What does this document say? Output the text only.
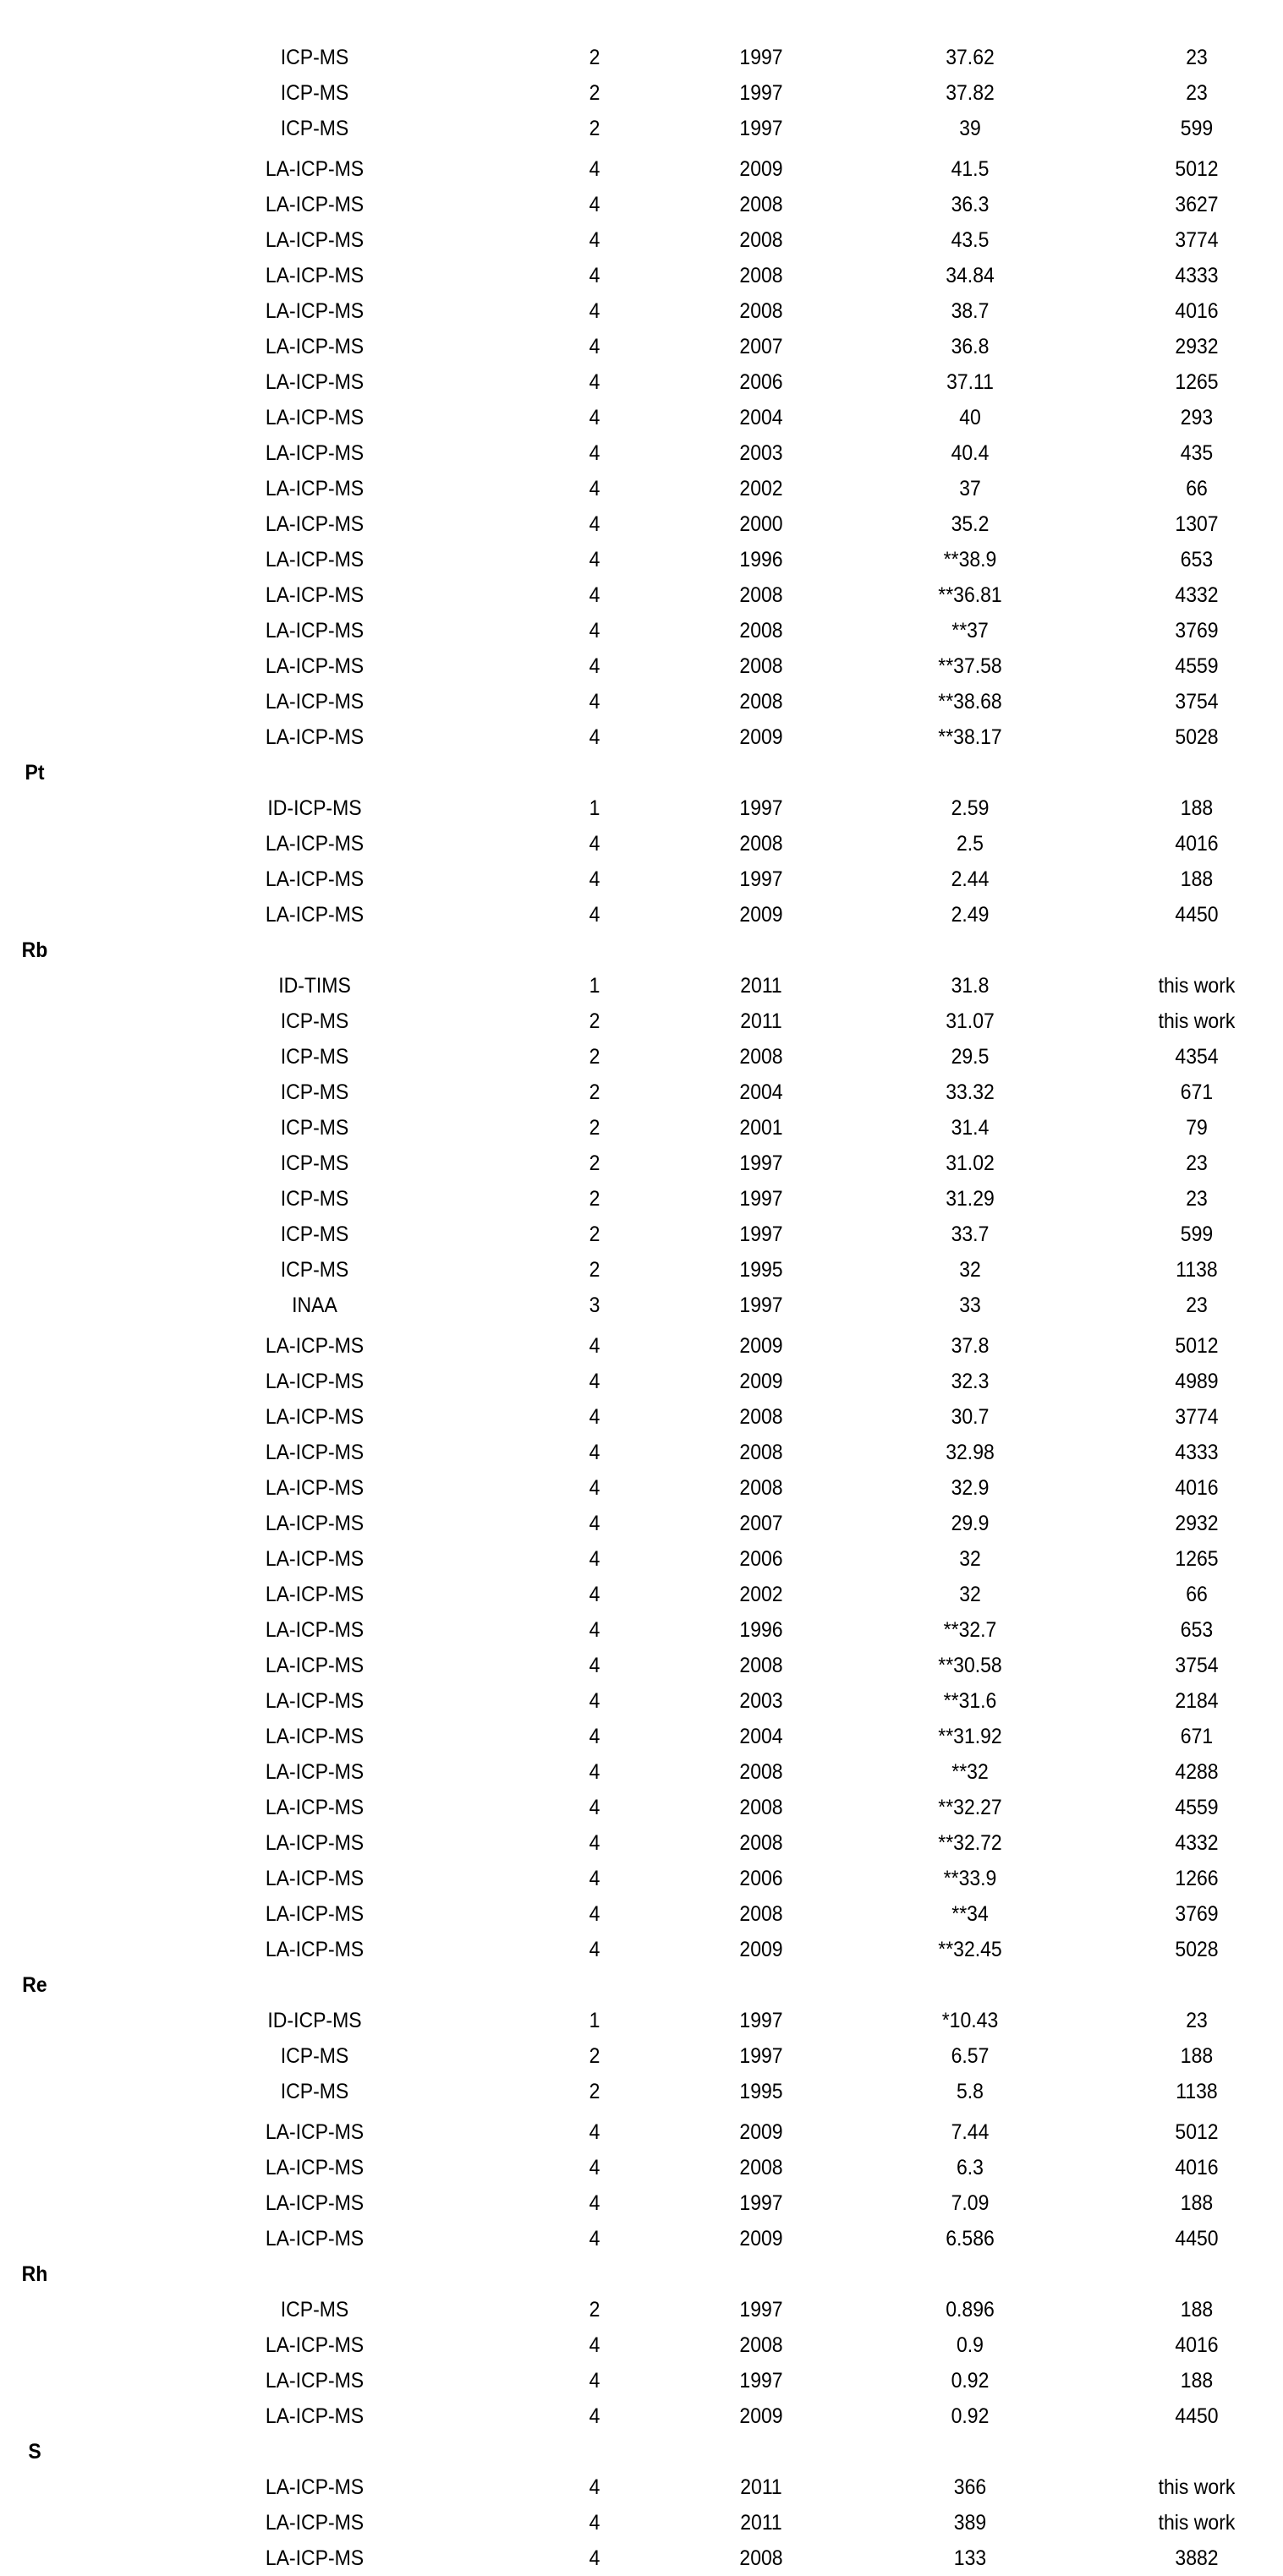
ICP-MS	2	1997	37.62	23
ICP-MS	2	1997	37.82	23
ICP-MS	2	1997	39	599
LA-ICP-MS	4	2009	41.5	5012
LA-ICP-MS	4	2008	36.3	3627
LA-ICP-MS	4	2008	43.5	3774
LA-ICP-MS	4	2008	34.84	4333
LA-ICP-MS	4	2008	38.7	4016
LA-ICP-MS	4	2007	36.8	2932
LA-ICP-MS	4	2006	37.11	1265
LA-ICP-MS	4	2004	40	293
LA-ICP-MS	4	2003	40.4	435
LA-ICP-MS	4	2002	37	66
LA-ICP-MS	4	2000	35.2	1307
LA-ICP-MS	4	1996	**38.9	653
LA-ICP-MS	4	2008	**36.81	4332
LA-ICP-MS	4	2008	**37	3769
LA-ICP-MS	4	2008	**37.58	4559
LA-ICP-MS	4	2008	**38.68	3754
LA-ICP-MS	4	2009	**38.17	5028
Pt
ID-ICP-MS	1	1997	2.59	188
LA-ICP-MS	4	2008	2.5	4016
LA-ICP-MS	4	1997	2.44	188
LA-ICP-MS	4	2009	2.49	4450
Rb
ID-TIMS	1	2011	31.8	this work
ICP-MS	2	2011	31.07	this work
ICP-MS	2	2008	29.5	4354
ICP-MS	2	2004	33.32	671
ICP-MS	2	2001	31.4	79
ICP-MS	2	1997	31.02	23
ICP-MS	2	1997	31.29	23
ICP-MS	2	1997	33.7	599
ICP-MS	2	1995	32	1138
INAA	3	1997	33	23
LA-ICP-MS	4	2009	37.8	5012
LA-ICP-MS	4	2009	32.3	4989
LA-ICP-MS	4	2008	30.7	3774
LA-ICP-MS	4	2008	32.98	4333
LA-ICP-MS	4	2008	32.9	4016
LA-ICP-MS	4	2007	29.9	2932
LA-ICP-MS	4	2006	32	1265
LA-ICP-MS	4	2002	32	66
LA-ICP-MS	4	1996	**32.7	653
LA-ICP-MS	4	2008	**30.58	3754
LA-ICP-MS	4	2003	**31.6	2184
LA-ICP-MS	4	2004	**31.92	671
LA-ICP-MS	4	2008	**32	4288
LA-ICP-MS	4	2008	**32.27	4559
LA-ICP-MS	4	2008	**32.72	4332
LA-ICP-MS	4	2006	**33.9	1266
LA-ICP-MS	4	2008	**34	3769
LA-ICP-MS	4	2009	**32.45	5028
Re
ID-ICP-MS	1	1997	*10.43	23
ICP-MS	2	1997	6.57	188
ICP-MS	2	1995	5.8	1138
LA-ICP-MS	4	2009	7.44	5012
LA-ICP-MS	4	2008	6.3	4016
LA-ICP-MS	4	1997	7.09	188
LA-ICP-MS	4	2009	6.586	4450
Rh
ICP-MS	2	1997	0.896	188
LA-ICP-MS	4	2008	0.9	4016
LA-ICP-MS	4	1997	0.92	188
LA-ICP-MS	4	2009	0.92	4450
S
LA-ICP-MS	4	2011	366	this work
LA-ICP-MS	4	2011	389	this work
LA-ICP-MS	4	2008	133	3882
